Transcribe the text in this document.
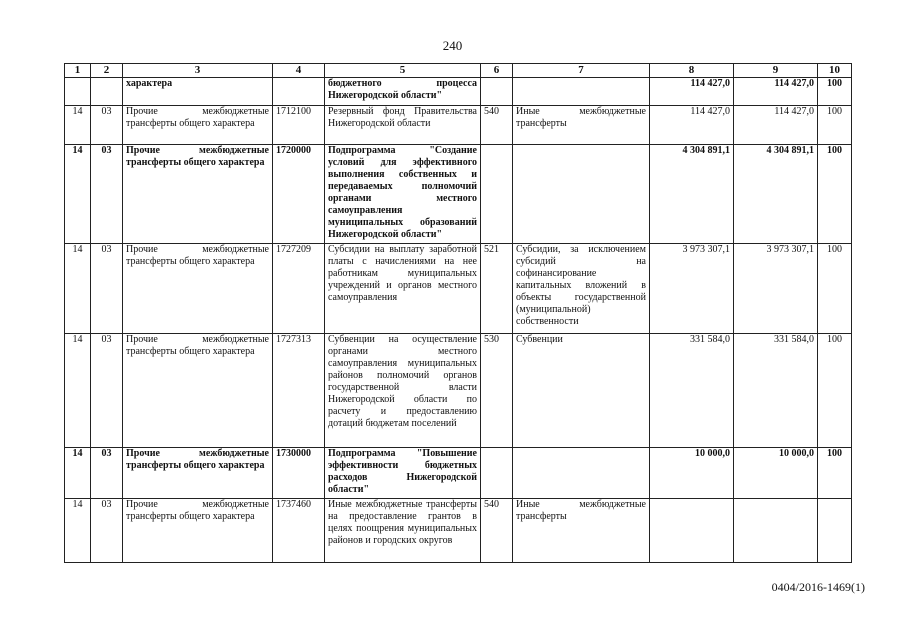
240
1	2	3	4	5	6	7	8	9	10
		характера		бюджетного процесса Нижегородской области"			114 427,0	114 427,0	100
14	03	Прочие межбюджетные трансферты общего характера	1712100	Резервный фонд Правительства Нижегородской области	540	Иные межбюджетные трансферты	114 427,0	114 427,0	100
14	03	Прочие межбюджетные трансферты общего характера	1720000	Подпрограмма "Создание условий для эффективного выполнения собственных и передаваемых полномочий органами местного самоуправления муниципальных образований Нижегородской области"			4 304 891,1	4 304 891,1	100
14	03	Прочие межбюджетные трансферты общего характера	1727209	Субсидии на выплату заработной платы с начислениями на нее работникам муниципальных учреждений и органов местного самоуправления	521	Субсидии, за исключением субсидий на софинансирование капитальных вложений в объекты государственной (муниципальной) собственности	3 973 307,1	3 973 307,1	100
14	03	Прочие межбюджетные трансферты общего характера	1727313	Субвенции на осуществление органами местного самоуправления муниципальных районов полномочий органов государственной власти Нижегородской области по расчету и предоставлению дотаций бюджетам поселений	530	Субвенции	331 584,0	331 584,0	100
14	03	Прочие межбюджетные трансферты общего характера	1730000	Подпрограмма "Повышение эффективности бюджетных расходов Нижегородской области"			10 000,0	10 000,0	100
14	03	Прочие межбюджетные трансферты общего характера	1737460	Иные межбюджетные трансферты на предоставление грантов в целях поощрения муниципальных районов и городских округов	540	Иные межбюджетные трансферты			
0404/2016-1469(1)
